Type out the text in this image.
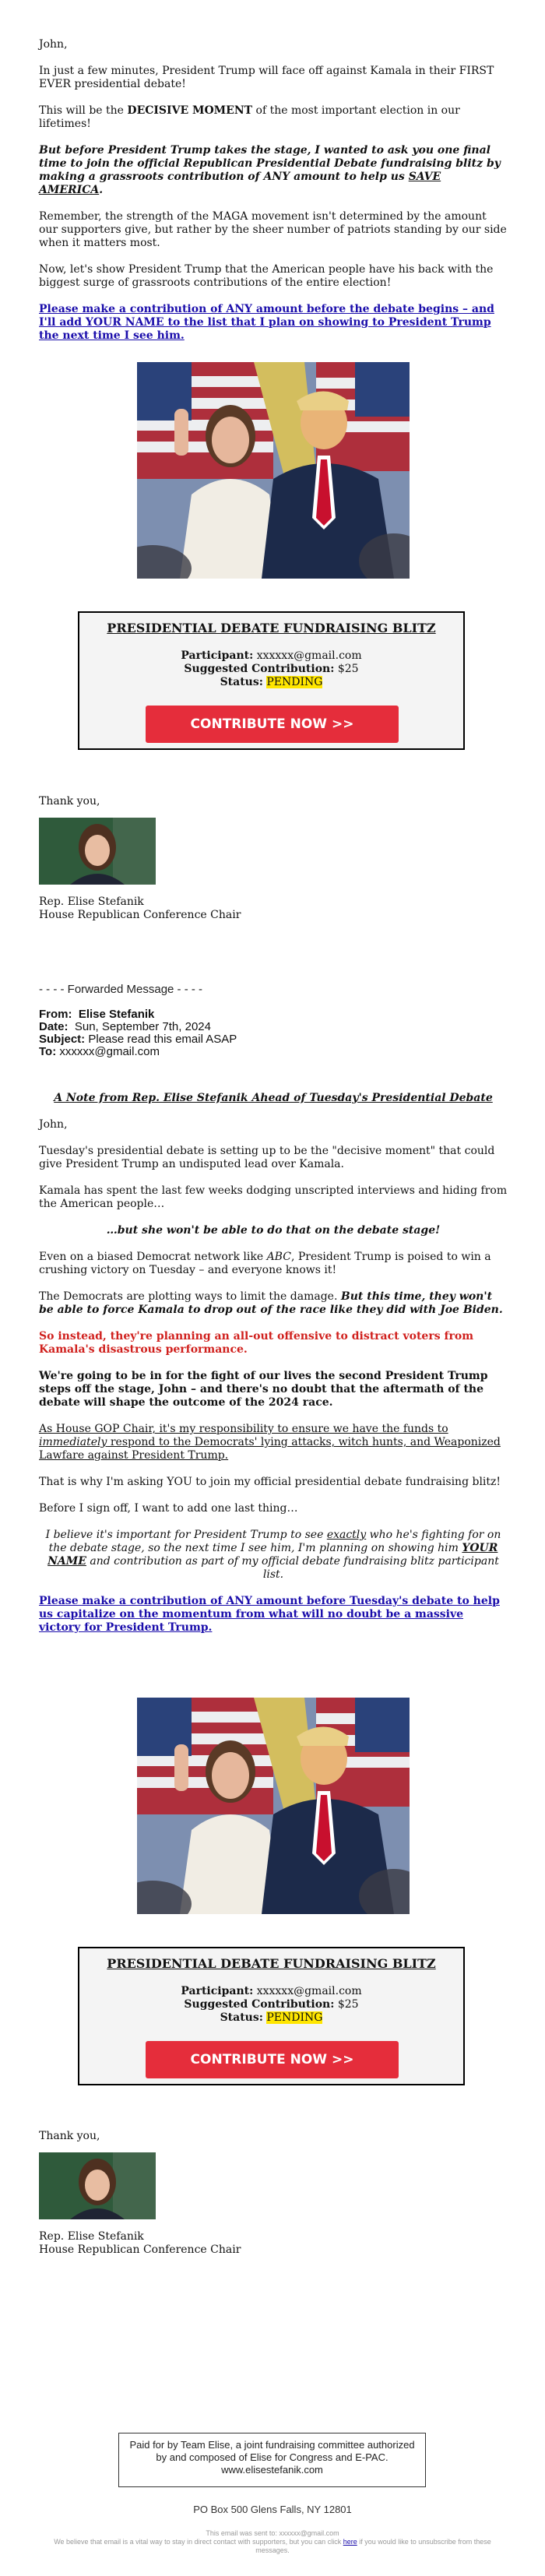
John,

In just a few minutes, President Trump will face off against Kamala in their FIRST EVER presidential debate!

This will be the DECISIVE MOMENT of the most important election in our lifetimes!

But before President Trump takes the stage, I wanted to ask you one final time to join the official Republican Presidential Debate fundraising blitz by making a grassroots contribution of ANY amount to help us SAVE AMERICA.

Remember, the strength of the MAGA movement isn't determined by the amount our supporters give, but rather by the sheer number of patriots standing by our side when it matters most.

Now, let's show President Trump that the American people have his back with the biggest surge of grassroots contributions of the entire election!

Please make a contribution of ANY amount before the debate begins – and I'll add YOUR NAME to the list that I plan on showing to President Trump the next time I see him.

PRESIDENTIAL DEBATE FUNDRAISING BLITZ
Participant: xxxxxx@gmail.com
Suggested Contribution: $25
Status: PENDING
CONTRIBUTE NOW >>

Thank you,

Rep. Elise Stefanik

House Republican Conference Chair

- - - - Forwarded Message - - - -
From: Elise Stefanik
Date: Sun, September 7th, 2024
Subject: Please read this email ASAP
To: xxxxxx@gmail.com

A Note from Rep. Elise Stefanik Ahead of Tuesday's Presidential Debate

John,

Tuesday's presidential debate is setting up to be the "decisive moment" that could give President Trump an undisputed lead over Kamala.

Kamala has spent the last few weeks dodging unscripted interviews and hiding from the American people…

…but she won't be able to do that on the debate stage!

Even on a biased Democrat network like ABC, President Trump is poised to win a crushing victory on Tuesday – and everyone knows it!

The Democrats are plotting ways to limit the damage. But this time, they won't be able to force Kamala to drop out of the race like they did with Joe Biden.

So instead, they're planning an all-out offensive to distract voters from Kamala's disastrous performance.

We're going to be in for the fight of our lives the second President Trump steps off the stage, John – and there's no doubt that the aftermath of the debate will shape the outcome of the 2024 race.

As House GOP Chair, it's my responsibility to ensure we have the funds to immediately respond to the Democrats' lying attacks, witch hunts, and Weaponized Lawfare against President Trump.

That is why I'm asking YOU to join my official presidential debate fundraising blitz!

Before I sign off, I want to add one last thing…

I believe it's important for President Trump to see exactly who he's fighting for on the debate stage, so the next time I see him, I'm planning on showing him YOUR NAME and contribution as part of my official debate fundraising blitz participant list.

Please make a contribution of ANY amount before Tuesday's debate to help us capitalize on the momentum from what will no doubt be a massive victory for President Trump.

PRESIDENTIAL DEBATE FUNDRAISING BLITZ
Participant: xxxxxx@gmail.com
Suggested Contribution: $25
Status: PENDING
CONTRIBUTE NOW >>

Thank you,

Rep. Elise Stefanik

House Republican Conference Chair

Paid for by Team Elise, a joint fundraising committee authorized by and composed of Elise for Congress and E-PAC. www.elisestefanik.com
PO Box 500 Glens Falls, NY 12801
This email was sent to: xxxxxx@gmail.com
We believe that email is a vital way to stay in direct contact with supporters, but you can click here if you would like to unsubscribe from these messages.
